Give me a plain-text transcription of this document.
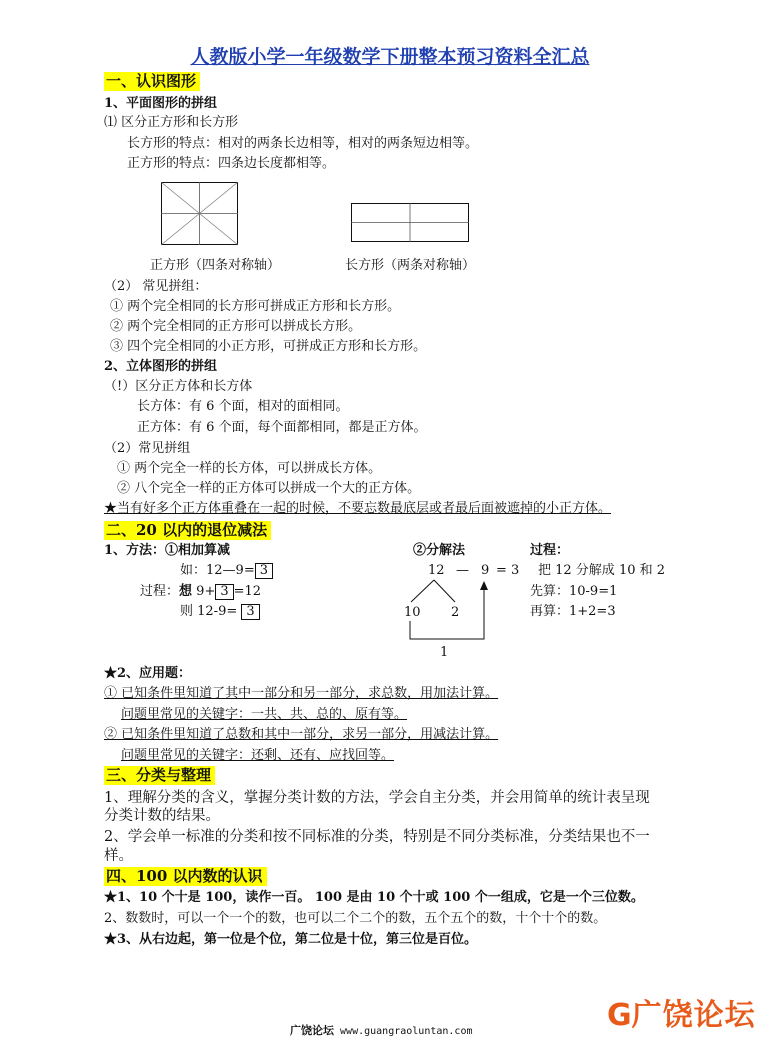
人教版小学一年级数学下册整本预习资料全汇总
一、认识图形
1、平面图形的拼组
⑴ 区分正方形和长方形
长方形的特点：相对的两条长边相等，相对的两条短边相等。
正方形的特点：四条边长度都相等。
正方形（四条对称轴）	长方形（两条对称轴）
（2） 常见拼组：
① 两个完全相同的长方形可拼成正方形和长方形。
② 两个完全相同的正方形可以拼成长方形。
③ 四个完全相同的小正方形，可拼成正方形和长方形。
2、立体图形的拼组
（!）区分正方体和长方体
长方体：有 6 个面，相对的面相同。
正方体：有 6 个面，每个面都相同，都是正方体。
（2）常见拼组
① 两个完全一样的长方体，可以拼成长方体。
② 八个完全一样的正方体可以拼成一个大的正方体。
★当有好多个正方体重叠在一起的时候，不要忘数最底层或者最后面被遮掉的小正方体。
二、20 以内的退位减法
1、方法：①相加算减
如：12—9= 3
过程：想 9+ 3 =12
则 12-9= 3
②分解法
12 — 9 = 3
10 2
1
过程：
把 12 分解成 10 和 2
先算：10-9=1
再算：1+2=3
★2、应用题：
① 已知条件里知道了其中一部分和另一部分，求总数，用加法计算。
问题里常见的关键字：一共、共、总的、原有等。
② 已知条件里知道了总数和其中一部分，求另一部分，用减法计算。
问题里常见的关键字：还剩、还有、应找回等。
三、分类与整理
1、理解分类的含义，掌握分类计数的方法，学会自主分类，并会用简单的统计表呈现
分类计数的结果。
2、学会单一标准的分类和按不同标准的分类，特别是不同分类标准，分类结果也不一
样。
四、100 以内数的认识
★1、10 个十是 100，读作一百。 100 是由 10 个十或 100 个一组成，它是一个三位数。
2、数数时，可以一个一个的数，也可以二个二个的数，五个五个的数，十个十个的数。
★3、从右边起，第一位是个位，第二位是十位，第三位是百位。
广饶论坛 www.guangraoluntan.com	G广饶论坛
